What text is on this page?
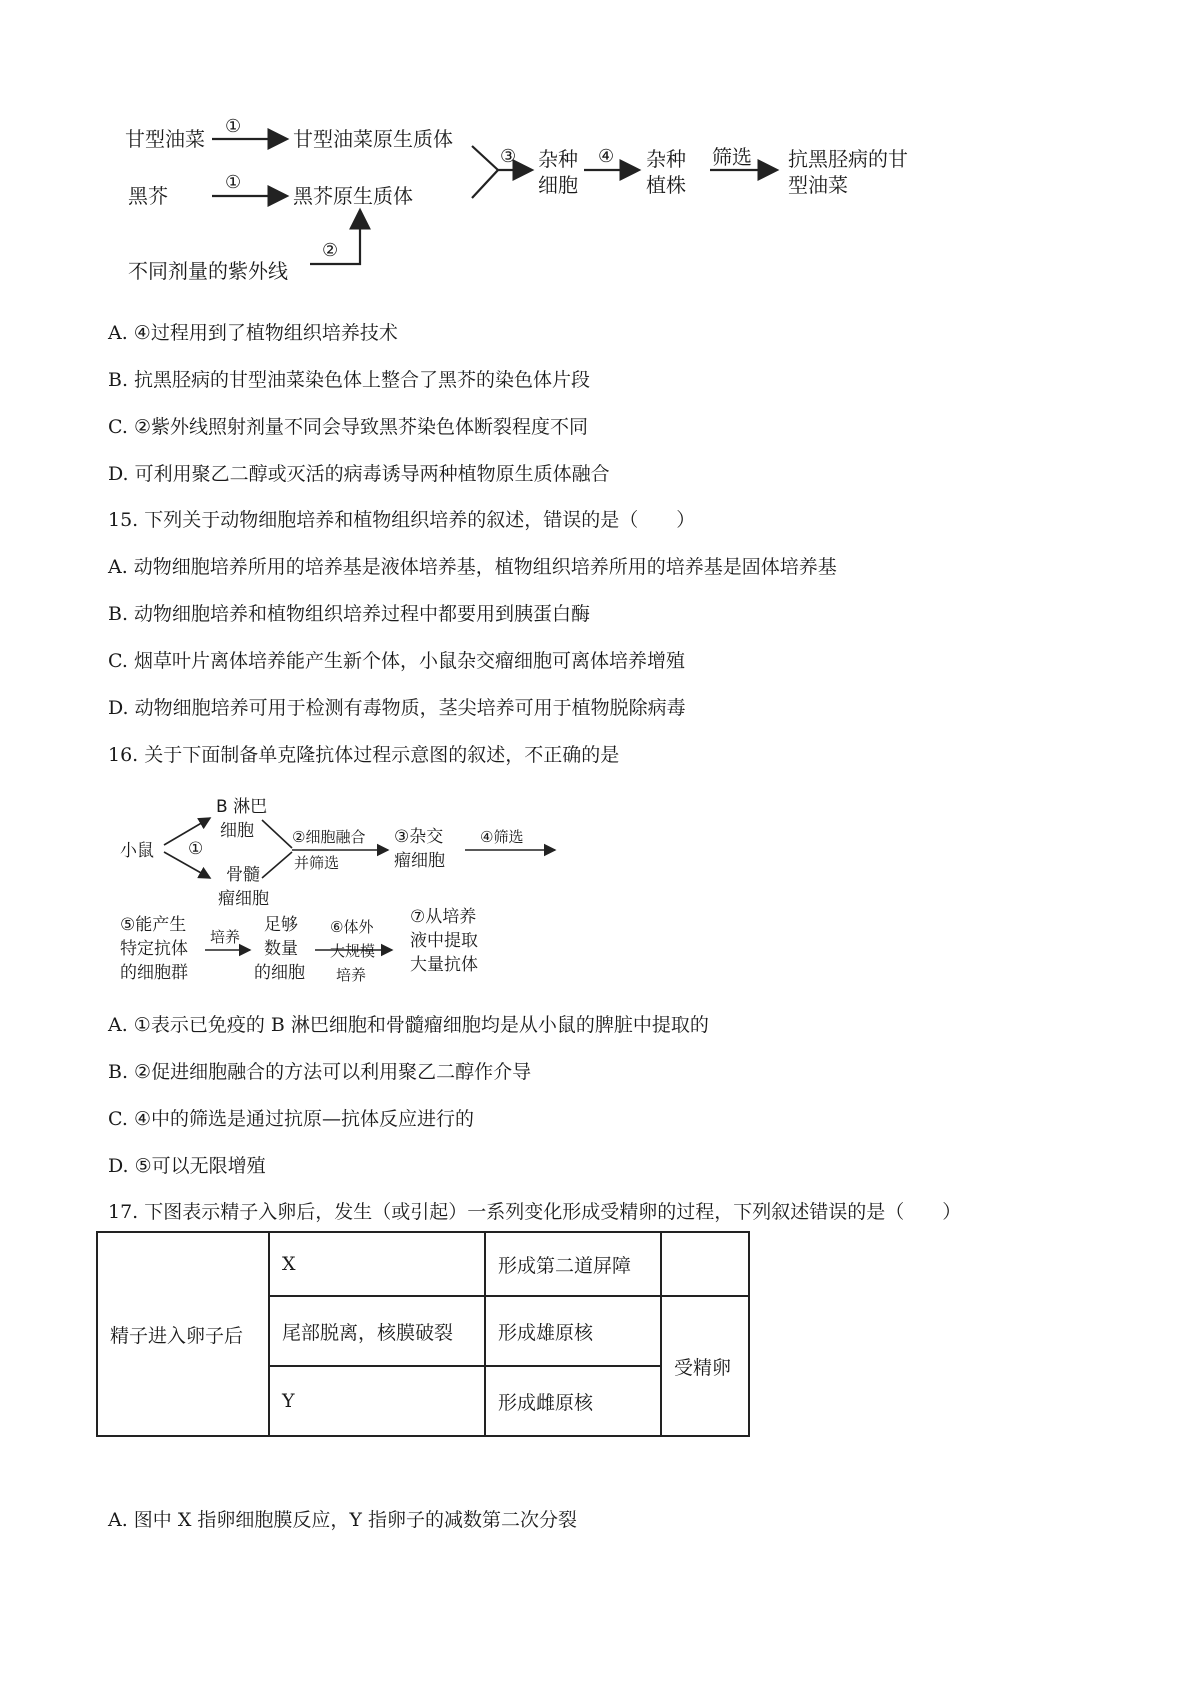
甘型油菜
黑芥
不同剂量的紫外线
①
①
②
甘型油菜原生质体
黑芥原生质体
③ 杂种
细胞
④ 杂种
植株
筛选 抗黑胫病的甘
型油菜
A. ④过程用到了植物组织培养技术
B. 抗黑胫病的甘型油菜染色体上整合了黑芥的染色体片段
C. ②紫外线照射剂量不同会导致黑芥染色体断裂程度不同
D. 可利用聚乙二醇或灭活的病毒诱导两种植物原生质体融合
15. 下列关于动物细胞培养和植物组织培养的叙述，错误的是（　　）
A. 动物细胞培养所用的培养基是液体培养基，植物组织培养所用的培养基是固体培养基
B. 动物细胞培养和植物组织培养过程中都要用到胰蛋白酶
C. 烟草叶片离体培养能产生新个体，小鼠杂交瘤细胞可离体培养增殖
D. 动物细胞培养可用于检测有毒物质，茎尖培养可用于植物脱除病毒
16. 关于下面制备单克隆抗体过程示意图的叙述，不正确的是
小鼠 ①
B 淋巴
细胞
骨髓
瘤细胞
②细胞融合
并筛选
③杂交
瘤细胞
④筛选
⑤能产生
特定抗体
的细胞群
培养
足够
数量
的细胞
⑥体外
大规模
培养
⑦从培养
液中提取
大量抗体
A. ①表示已免疫的 B 淋巴细胞和骨髓瘤细胞均是从小鼠的脾脏中提取的
B. ②促进细胞融合的方法可以利用聚乙二醇作介导
C. ④中的筛选是通过抗原—抗体反应进行的
D. ⑤可以无限增殖
17. 下图表示精子入卵后，发生（或引起）一系列变化形成受精卵的过程，下列叙述错误的是（　　）
精子进入卵子后	X	形成第二道屏障	
	尾部脱离，核膜破裂	形成雄原核	受精卵
	Y	形成雌原核	
A. 图中 X 指卵细胞膜反应，Y 指卵子的减数第二次分裂
